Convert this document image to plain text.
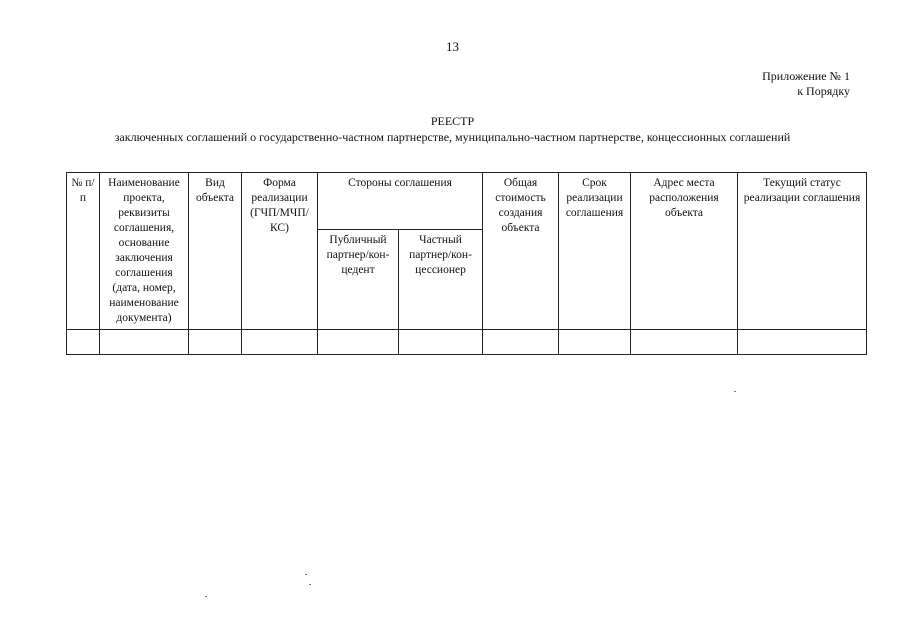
13
Приложение № 1
к Порядку
РЕЕСТР
заключенных соглашений о государственно-частном партнерстве, муниципально-частном партнерстве, концессионных соглашений
№ п/п	Наименование проекта, реквизиты соглашения, основание заключения соглашения (дата, номер, наименование документа)	Вид объекта	Форма реализации (ГЧП/МЧП/КС)	Стороны соглашения		Общая стоимость создания объекта	Срок реализации соглашения	Адрес места расположения объекта	Текущий статус реализации соглашения
				Публичный партнер/кон-цедент	Частный партнер/кон-цессионер				
